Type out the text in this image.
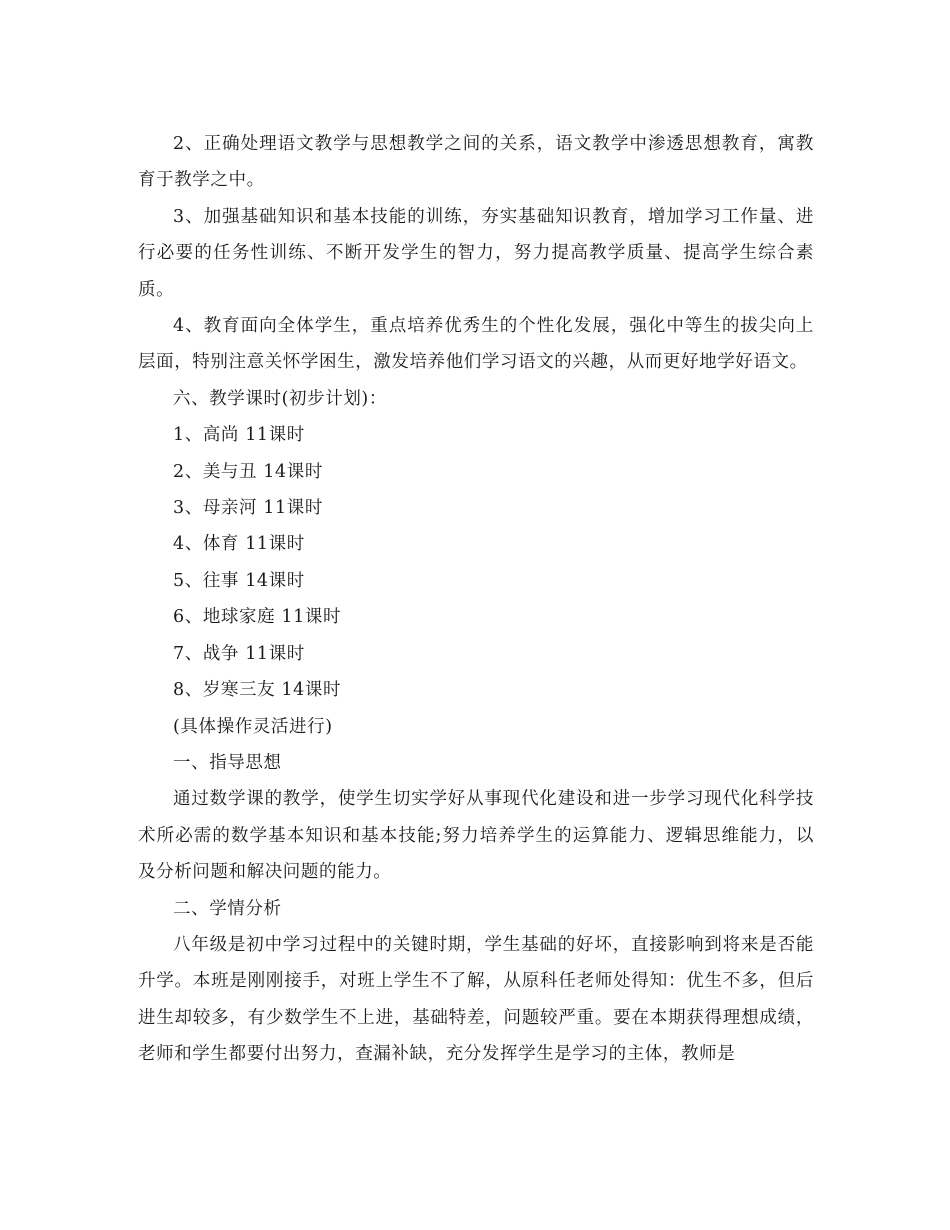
2、正确处理语文教学与思想教学之间的关系，语文教学中渗透思想教育，寓教育于教学之中。

3、加强基础知识和基本技能的训练，夯实基础知识教育，增加学习工作量、进行必要的任务性训练、不断开发学生的智力，努力提高教学质量、提高学生综合素质。

4、教育面向全体学生，重点培养优秀生的个性化发展，强化中等生的拔尖向上层面，特别注意关怀学困生，激发培养他们学习语文的兴趣，从而更好地学好语文。

六、教学课时(初步计划)：

1、高尚 11课时

2、美与丑 14课时

3、母亲河 11课时

4、体育 11课时

5、往事 14课时

6、地球家庭 11课时

7、战争 11课时

8、岁寒三友 14课时

(具体操作灵活进行)

一、指导思想

通过数学课的教学，使学生切实学好从事现代化建设和进一步学习现代化科学技术所必需的数学基本知识和基本技能;努力培养学生的运算能力、逻辑思维能力，以及分析问题和解决问题的能力。

二、学情分析

八年级是初中学习过程中的关键时期，学生基础的好坏，直接影响到将来是否能升学。本班是刚刚接手，对班上学生不了解，从原科任老师处得知：优生不多，但后进生却较多，有少数学生不上进，基础特差，问题较严重。要在本期获得理想成绩，老师和学生都要付出努力，查漏补缺，充分发挥学生是学习的主体，教师是
